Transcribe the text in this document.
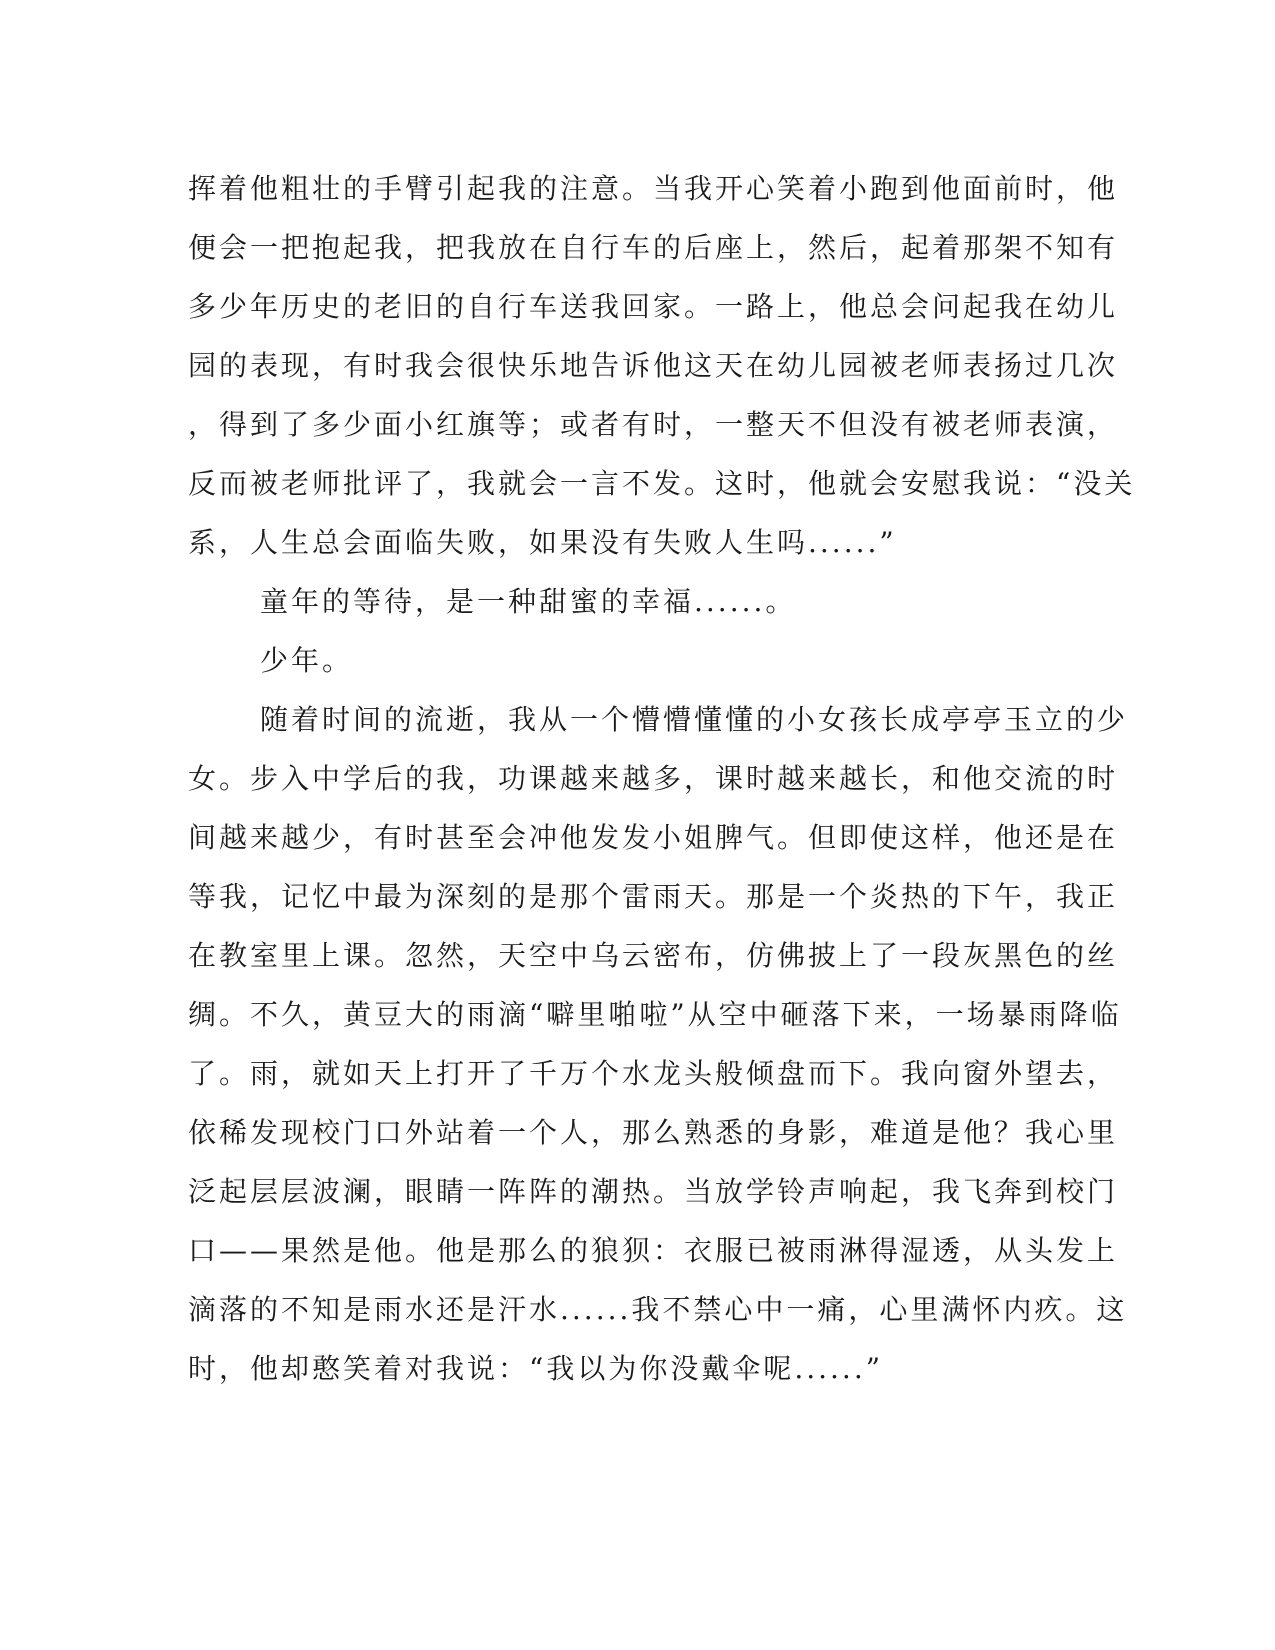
挥着他粗壮的手臂引起我的注意。当我开心笑着小跑到他面前时，他

便会一把抱起我，把我放在自行车的后座上，然后，起着那架不知有

多少年历史的老旧的自行车送我回家。一路上，他总会问起我在幼儿

园的表现，有时我会很快乐地告诉他这天在幼儿园被老师表扬过几次

，得到了多少面小红旗等；或者有时，一整天不但没有被老师表演，

反而被老师批评了，我就会一言不发。这时，他就会安慰我说：“没关

系，人生总会面临失败，如果没有失败人生吗......”

童年的等待，是一种甜蜜的幸福......。

少年。

随着时间的流逝，我从一个懵懵懂懂的小女孩长成亭亭玉立的少

女。步入中学后的我，功课越来越多，课时越来越长，和他交流的时

间越来越少，有时甚至会冲他发发小姐脾气。但即使这样，他还是在

等我，记忆中最为深刻的是那个雷雨天。那是一个炎热的下午，我正

在教室里上课。忽然，天空中乌云密布，仿佛披上了一段灰黑色的丝

绸。不久，黄豆大的雨滴“噼里啪啦”从空中砸落下来，一场暴雨降临

了。雨，就如天上打开了千万个水龙头般倾盘而下。我向窗外望去，

依稀发现校门口外站着一个人，那么熟悉的身影，难道是他？我心里

泛起层层波澜，眼睛一阵阵的潮热。当放学铃声响起，我飞奔到校门

口——果然是他。他是那么的狼狈：衣服已被雨淋得湿透，从头发上

滴落的不知是雨水还是汗水......我不禁心中一痛，心里满怀内疚。这

时，他却憨笑着对我说：“我以为你没戴伞呢......”
